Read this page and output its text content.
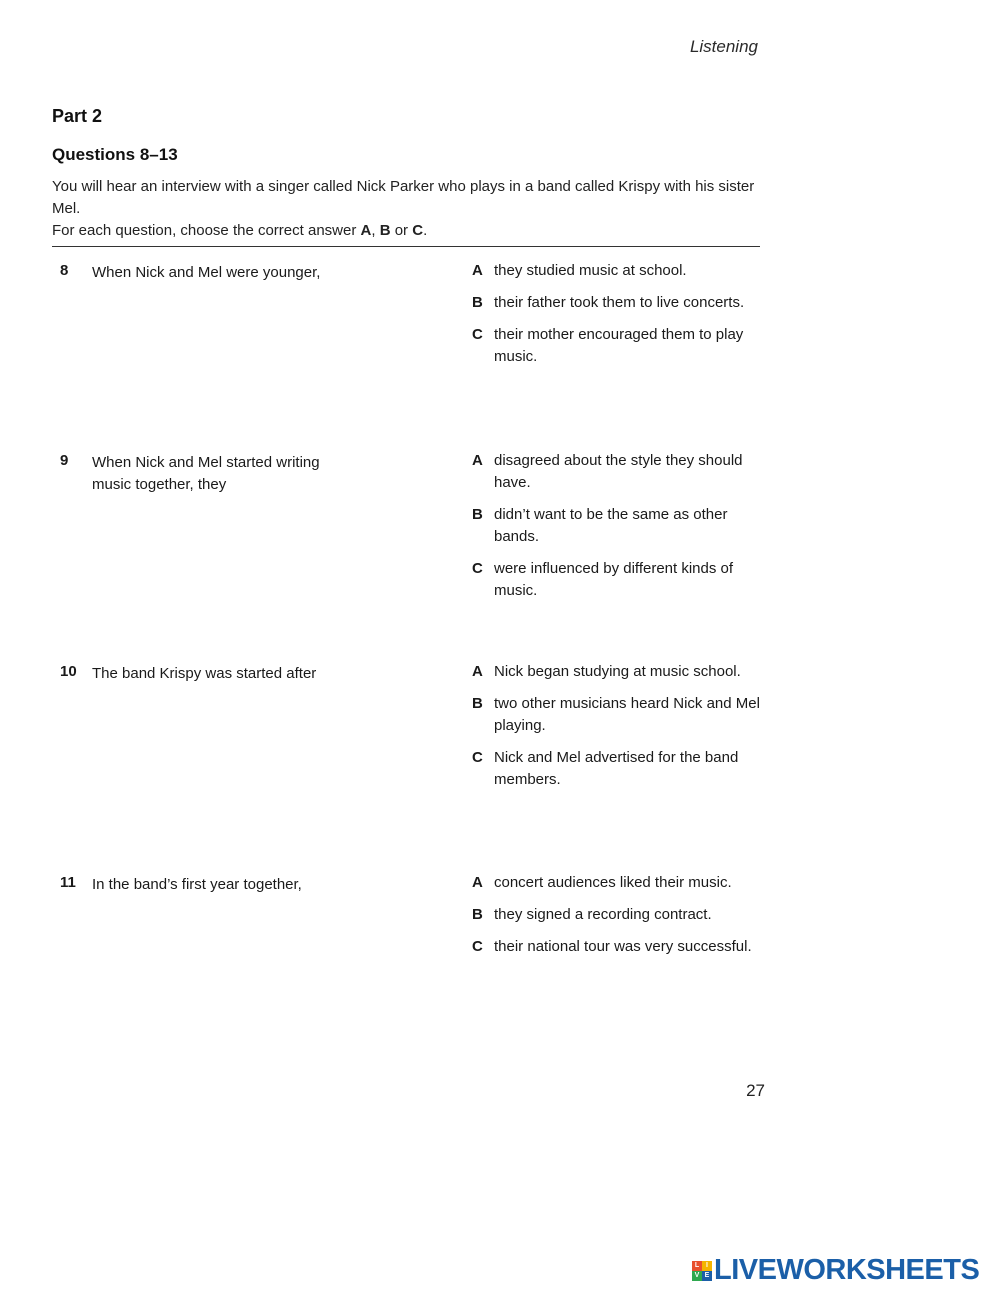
Listening
Part 2
Questions 8–13

You will hear an interview with a singer called Nick Parker who plays in a band called Krispy with his sister Mel.

For each question, choose the correct answer A, B or C.

8 When Nick and Mel were younger,	A they studied music at school.
B their father took them to live concerts.
C their mother encouraged them to play music.
9 When Nick and Mel started writing music together, they
A disagreed about the style they should have.
B didn’t want to be the same as other bands.
C were influenced by different kinds of music.
10 The band Krispy was started after	A Nick began studying at music school.
B two other musicians heard Nick and Mel playing.
C Nick and Mel advertised for the band members.
11 In the band’s first year together,	A concert audiences liked their music.
B they signed a recording contract.
C their national tour was very successful.
27
L I
V E LIVEWORKSHEETS
